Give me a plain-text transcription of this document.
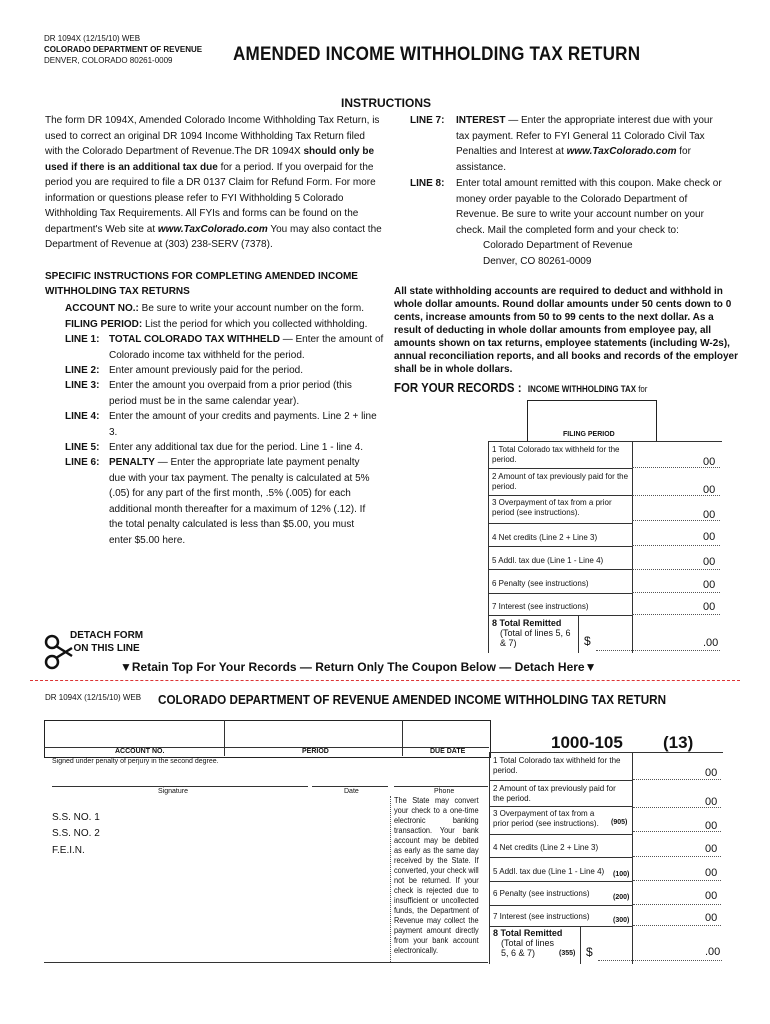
DR 1094X (12/15/10) WEB
COLORADO DEPARTMENT OF REVENUE
DENVER, COLORADO 80261-0009	AMENDED INCOME WITHHOLDING TAX RETURN
INSTRUCTIONS
The form DR 1094X, Amended Colorado Income Withholding Tax Return, is used to correct an original DR 1094 Income Withholding Tax Return filed with the Colorado Department of Revenue.The DR 1094X should only be used if there is an additional tax due for a period. If you overpaid for the period you are required to file a DR 0137 Claim for Refund Form. For more information or questions please refer to FYI Withholding 5 Colorado Withholding Tax Requirements. All FYIs and forms can be found on the department's Web site at www.TaxColorado.com You may also contact the Department of Revenue at (303) 238-SERV (7378).
SPECIFIC INSTRUCTIONS FOR COMPLETING AMENDED INCOME WITHHOLDING TAX RETURNS
ACCOUNT NO.: Be sure to write your account number on the form.
FILING PERIOD: List the period for which you collected withholding.
LINE 1: TOTAL COLORADO TAX WITHHELD — Enter the amount of Colorado income tax withheld for the period.
LINE 2: Enter amount previously paid for the period.
LINE 3: Enter the amount you overpaid from a prior period (this period must be in the same calendar year).
LINE 4: Enter the amount of your credits and payments. Line 2 + line 3.
LINE 5: Enter any additional tax due for the period. Line 1 - line 4.
LINE 6: PENALTY — Enter the appropriate late payment penalty due with your tax payment. The penalty is calculated at 5% (.05) for any part of the first month, .5% (.005) for each additional month thereafter for a maximum of 12% (.12). If the total penalty calculated is less than $5.00, you must enter $5.00 here.
LINE 7: INTEREST — Enter the appropriate interest due with your tax payment. Refer to FYI General 11 Colorado Civil Tax Penalties and Interest at www.TaxColorado.com for assistance.
LINE 8: Enter total amount remitted with this coupon. Make check or money order payable to the Colorado Department of Revenue. Be sure to write your account number on your check. Mail the completed form and your check to:
Colorado Department of Revenue
Denver, CO 80261-0009
All state withholding accounts are required to deduct and withhold in whole dollar amounts. Round dollar amounts under 50 cents down to 0 cents, increase amounts from 50 to 99 cents to the next dollar. As a result of deducting in whole dollar amounts from employee pay, all amounts shown on tax returns, employee statements (including W-2s), annual reconciliation reports, and all books and records of the employer shall be in whole dollars.
FOR YOUR RECORDS : INCOME WITHHOLDING TAX for
FILING PERIOD
1 Total Colorado tax withheld for the period.	00
2 Amount of tax previously paid for the period.	00
3 Overpayment of tax from a prior period (see instructions).	00
4 Net credits (Line 2 + Line 3)	00
5 Addl. tax due (Line 1 - Line 4)	00
6 Penalty (see instructions)	00
7 Interest (see instructions)	00
8 Total Remitted
(Total of lines 5, 6 & 7)	$	.00
DETACH FORM
ON THIS LINE
▼Retain Top For Your Records — Return Only The Coupon Below — Detach Here▼
DR 1094X (12/15/10) WEB COLORADO DEPARTMENT OF REVENUE AMENDED INCOME WITHHOLDING TAX RETURN
ACCOUNT NO.	PERIOD	DUE DATE
Signed under penalty of perjury in the second degree.
1000-105 (13)
Signature	Date	Phone
S.S. NO. 1
S.S. NO. 2
F.E.I.N.
The State may convert your check to a one-time electronic banking transaction. Your bank account may be debited as early as the same day received by the State. If converted, your check will not be returned. If your check is rejected due to insufficient or uncollected funds, the Department of Revenue may collect the payment amount directly from your bank account electronically.
1 Total Colorado tax withheld for the period.	00
2 Amount of tax previously paid for the period.	00
3 Overpayment of tax from a prior period (see instructions).	(905)	00
4 Net credits (Line 2 + Line 3)	00
5 Addl. tax due (Line 1 - Line 4)	(100)	00
6 Penalty (see instructions)	(200)	00
7 Interest (see instructions)	(300)	00
8 Total Remitted
(Total of lines
5, 6 & 7)	(355) $	.00
